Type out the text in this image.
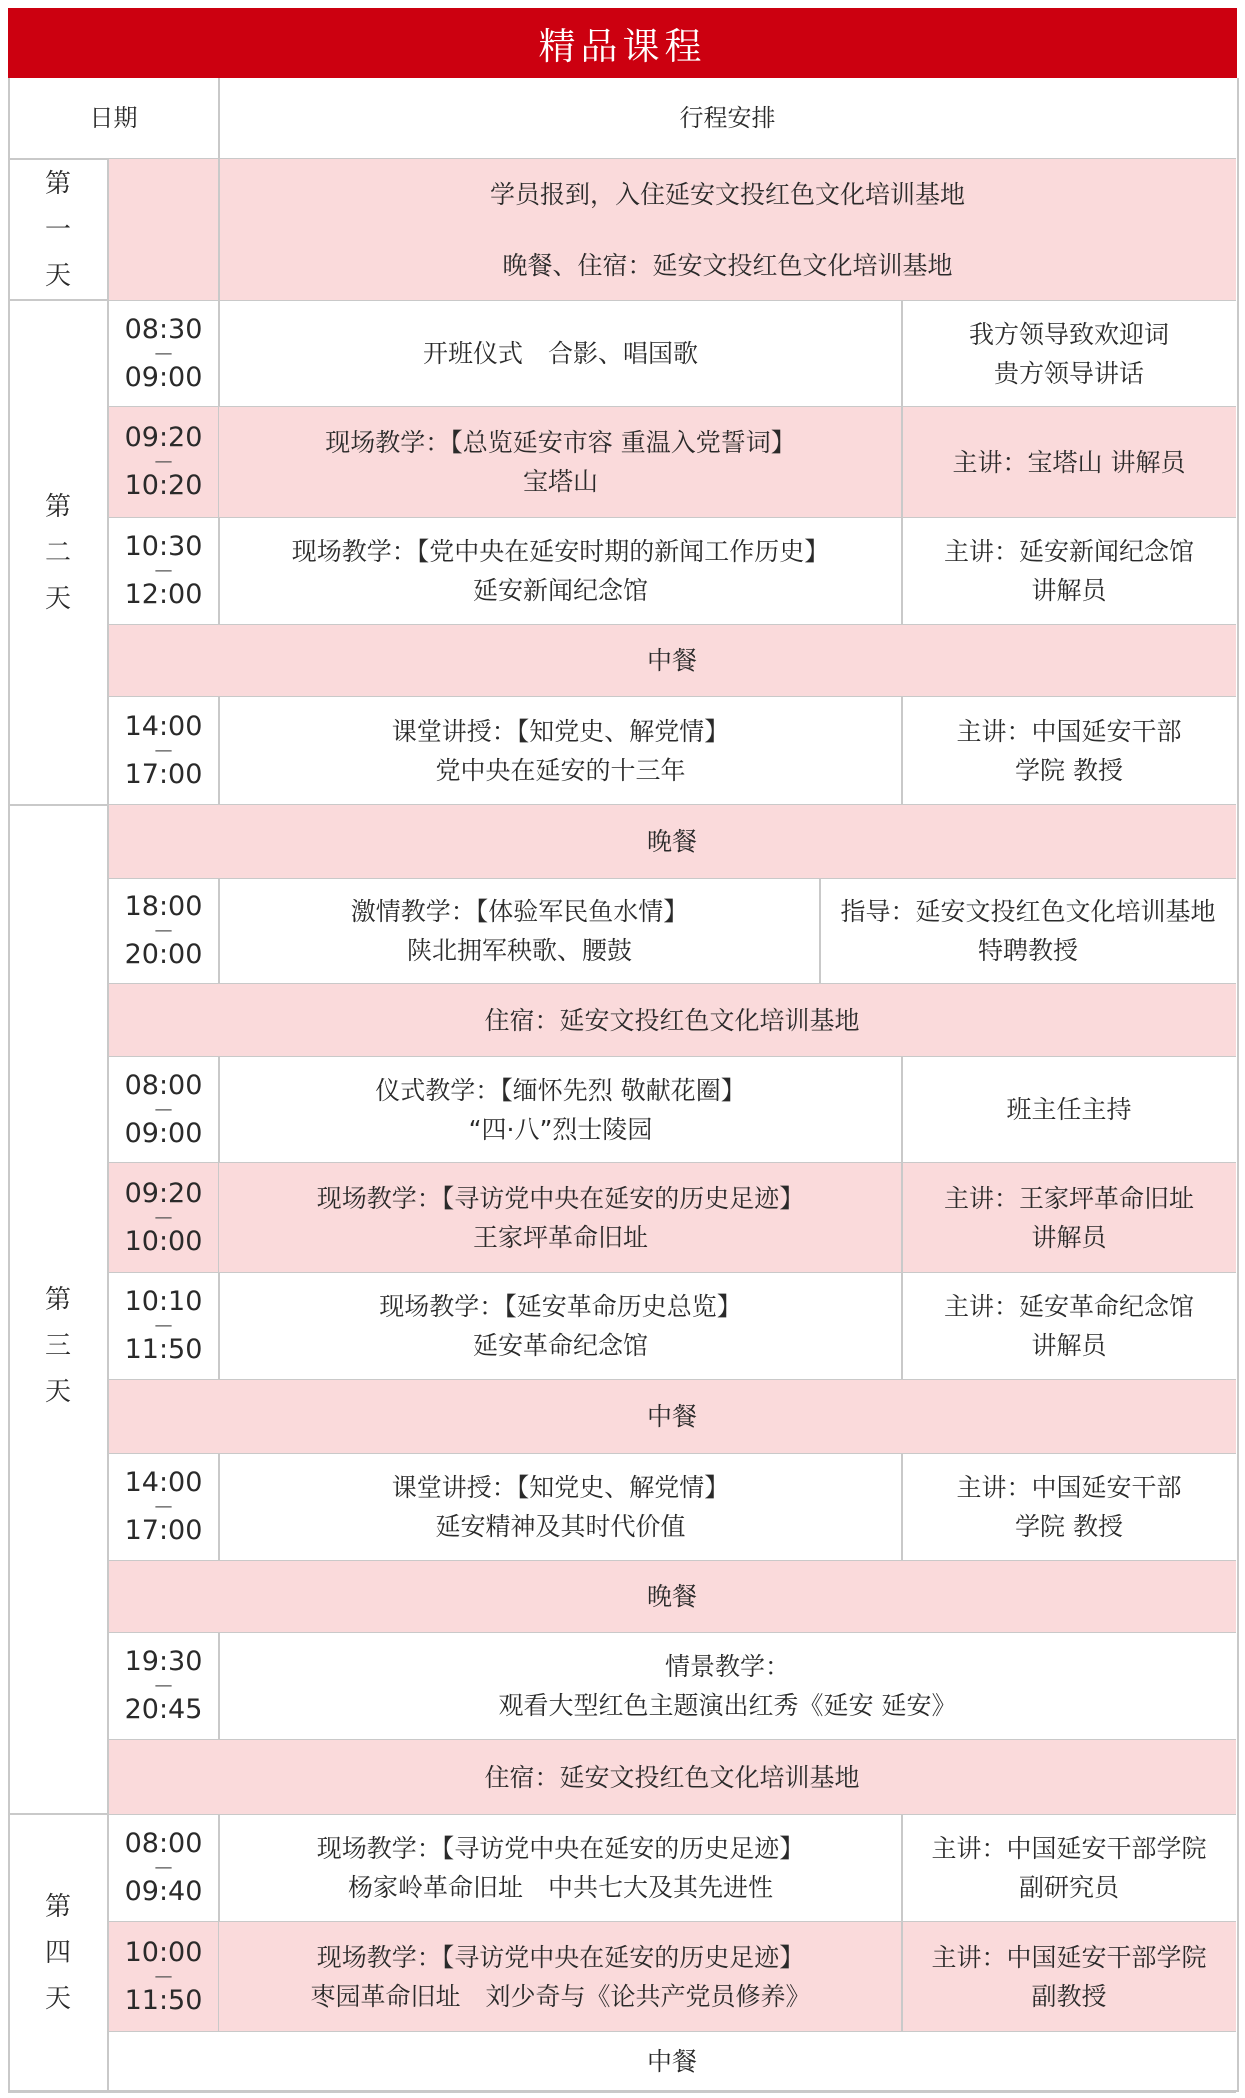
精品课程
日期	行程安排
第
一
天
第
二
天
第
三
天
第
四
天
学员报到，入住延安文投红色文化培训基地
晚餐、住宿：延安文投红色文化培训基地
08:30
—
09:00
开班仪式　合影、唱国歌
我方领导致欢迎词
贵方领导讲话
09:20
—
10:20
现场教学：【总览延安市容 重温入党誓词】
宝塔山
主讲：宝塔山 讲解员
10:30
—
12:00
现场教学：【党中央在延安时期的新闻工作历史】
延安新闻纪念馆
主讲：延安新闻纪念馆
讲解员
中餐
14:00
—
17:00
课堂讲授：【知党史、解党情】
党中央在延安的十三年
主讲：中国延安干部
学院 教授
晚餐
18:00
—
20:00
激情教学：【体验军民鱼水情】
陕北拥军秧歌、腰鼓
指导：延安文投红色文化培训基地
特聘教授
住宿：延安文投红色文化培训基地
08:00
—
09:00
仪式教学：【缅怀先烈 敬献花圈】
“四·八”烈士陵园
班主任主持
09:20
—
10:00
现场教学：【寻访党中央在延安的历史足迹】
王家坪革命旧址
主讲：王家坪革命旧址
讲解员
10:10
—
11:50
现场教学：【延安革命历史总览】
延安革命纪念馆
主讲：延安革命纪念馆
讲解员
中餐
14:00
—
17:00
课堂讲授：【知党史、解党情】
延安精神及其时代价值
主讲：中国延安干部
学院 教授
晚餐
19:30
—
20:45
情景教学：
观看大型红色主题演出红秀《延安 延安》
住宿：延安文投红色文化培训基地
08:00
—
09:40
现场教学：【寻访党中央在延安的历史足迹】
杨家岭革命旧址　中共七大及其先进性
主讲：中国延安干部学院
副研究员
10:00
—
11:50
现场教学：【寻访党中央在延安的历史足迹】
枣园革命旧址　刘少奇与《论共产党员修养》
主讲：中国延安干部学院
副教授
中餐
